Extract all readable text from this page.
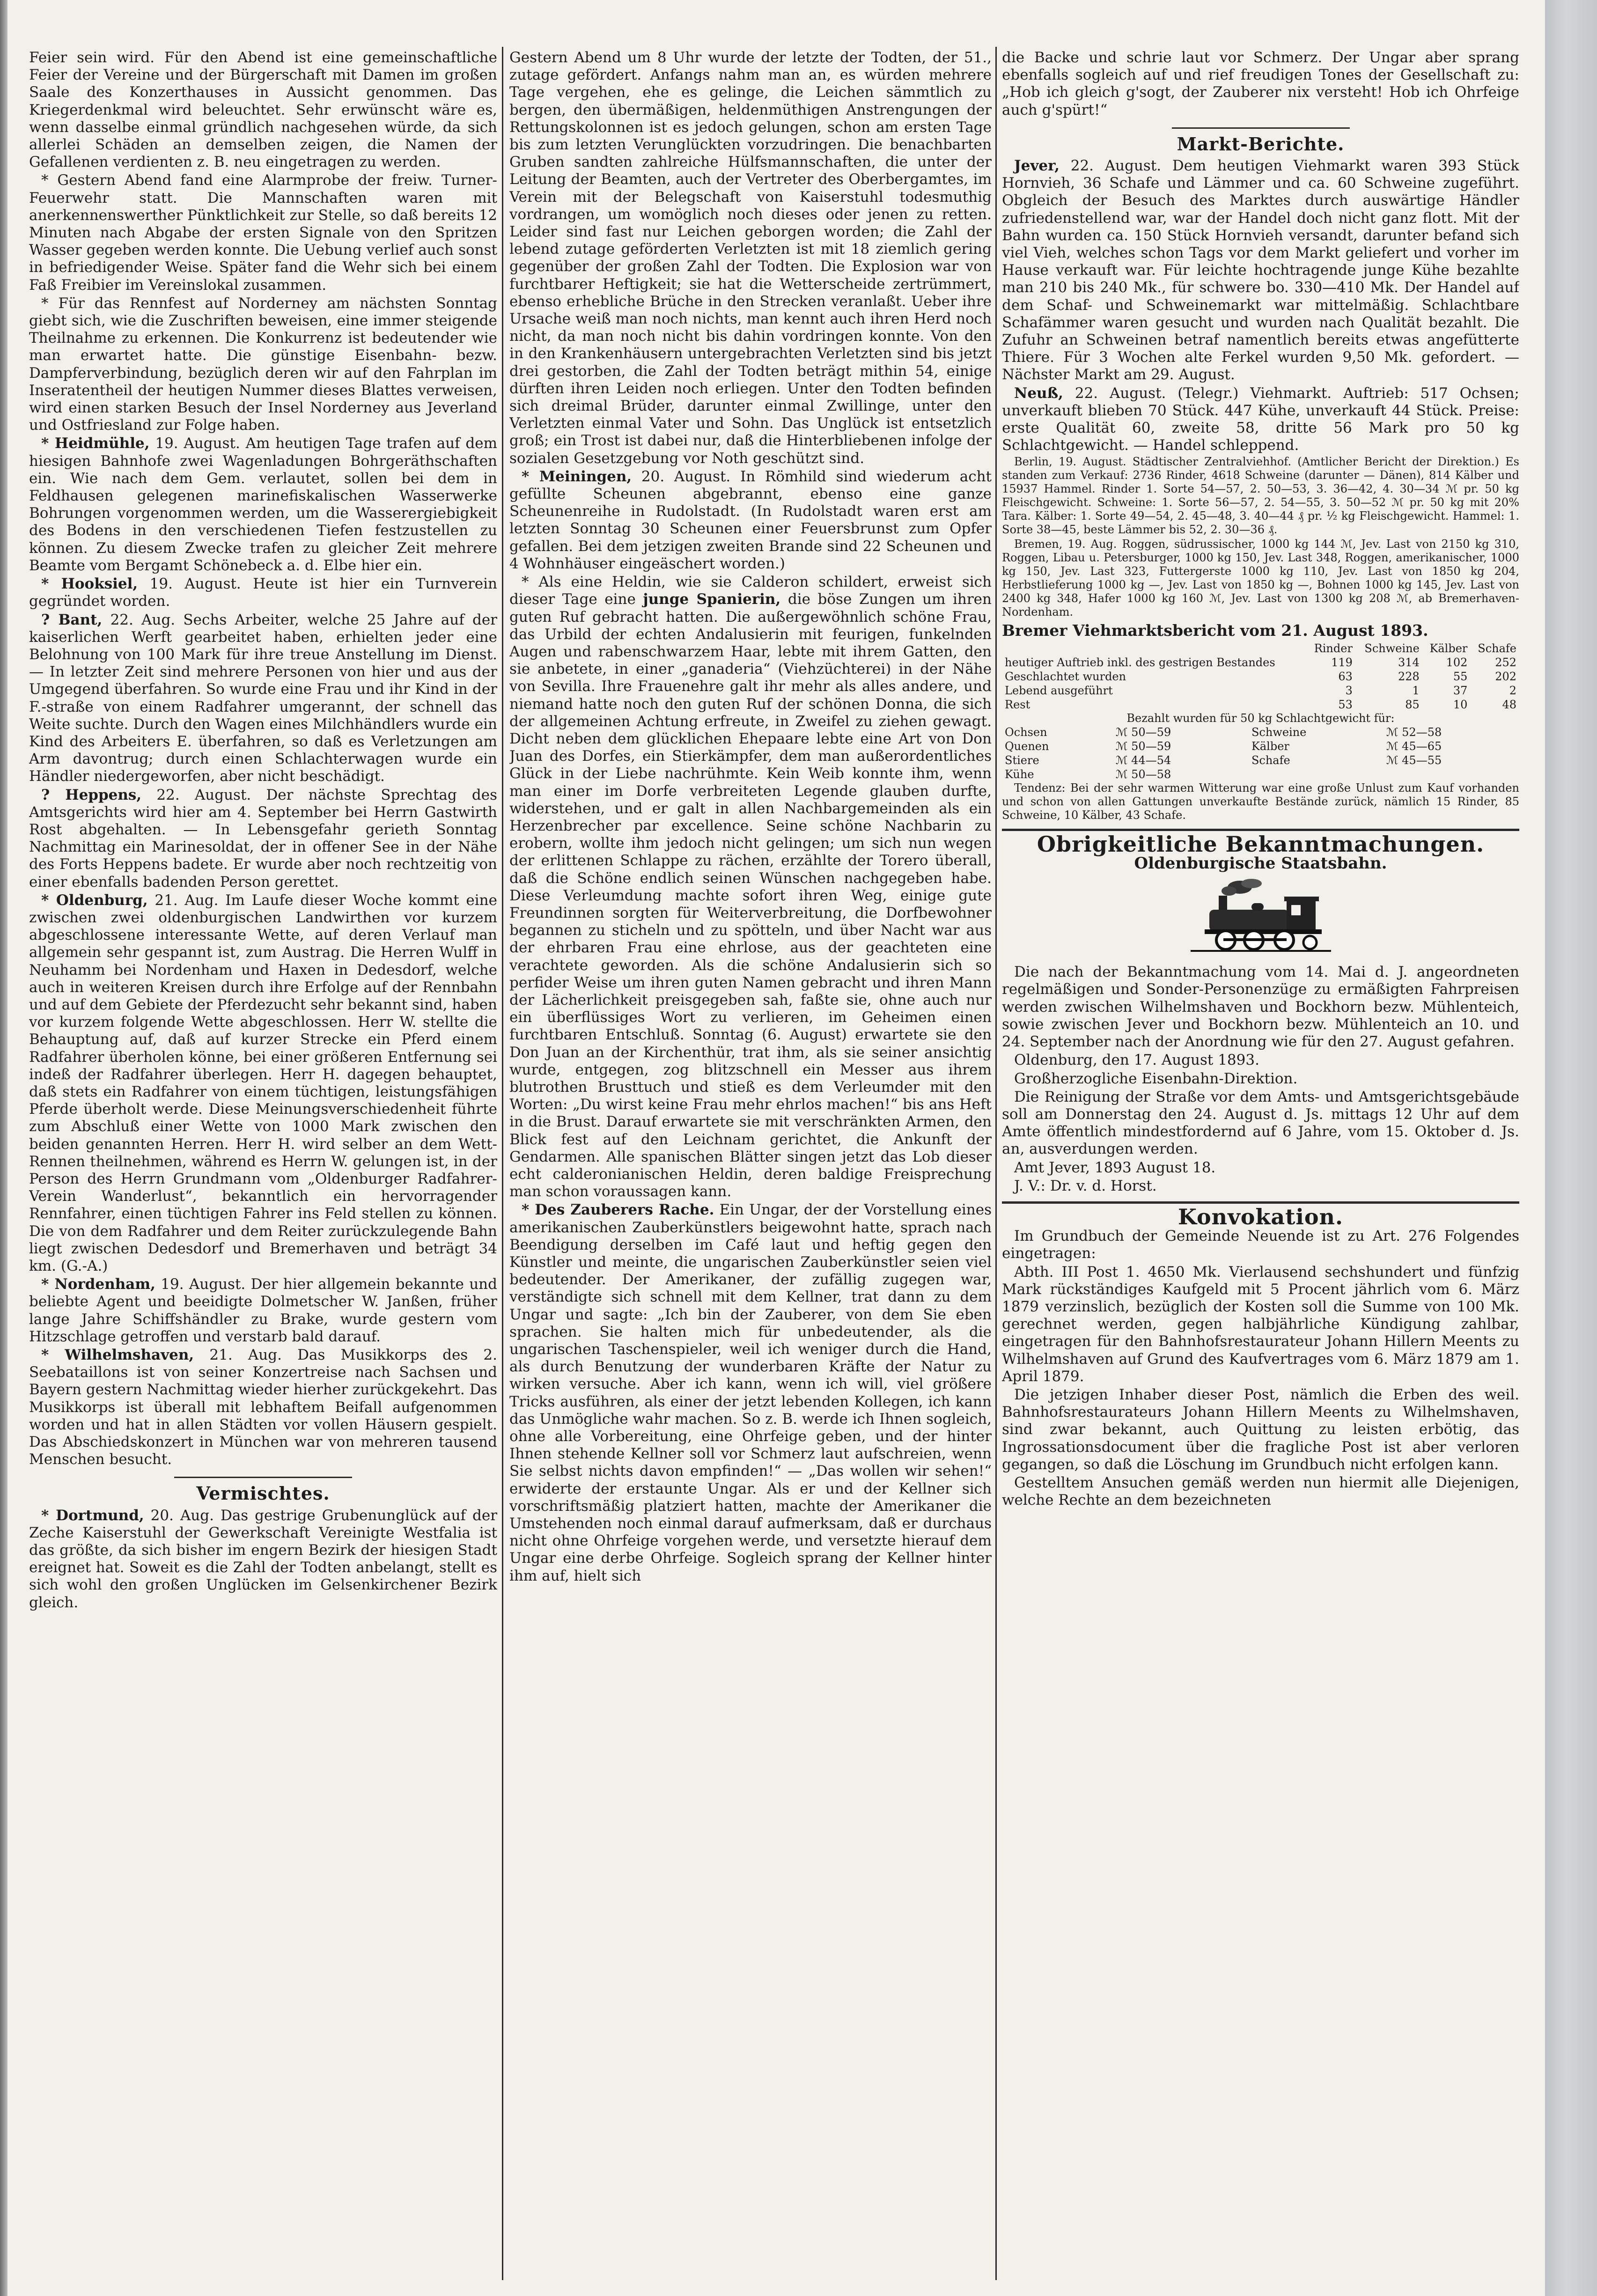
Feier sein wird. Für den Abend ist eine gemeinschaftliche Feier der Vereine und der Bürgerschaft mit Damen im großen Saale des Konzerthauses in Aussicht genommen. Das Kriegerdenkmal wird beleuchtet. Sehr erwünscht wäre es, wenn dasselbe einmal gründlich nachgesehen würde, da sich allerlei Schäden an demselben zeigen, die Namen der Gefallenen verdienten z. B. neu eingetragen zu werden.

* Gestern Abend fand eine Alarmprobe der freiw. Turner-Feuerwehr statt. Die Mannschaften waren mit anerkennenswerther Pünktlichkeit zur Stelle, so daß bereits 12 Minuten nach Abgabe der ersten Signale von den Spritzen Wasser gegeben werden konnte. Die Uebung verlief auch sonst in befriedigender Weise. Später fand die Wehr sich bei einem Faß Freibier im Vereinslokal zusammen.

* Für das Rennfest auf Norderney am nächsten Sonntag giebt sich, wie die Zuschriften beweisen, eine immer steigende Theilnahme zu erkennen. Die Konkurrenz ist bedeutender wie man erwartet hatte. Die günstige Eisenbahn- bezw. Dampferverbindung, bezüglich deren wir auf den Fahrplan im Inseratentheil der heutigen Nummer dieses Blattes verweisen, wird einen starken Besuch der Insel Norderney aus Jeverland und Ostfriesland zur Folge haben.

* Heidmühle, 19. August. Am heutigen Tage trafen auf dem hiesigen Bahnhofe zwei Wagenladungen Bohrgeräthschaften ein. Wie nach dem Gem. verlautet, sollen bei dem in Feldhausen gelegenen marinefiskalischen Wasserwerke Bohrungen vorgenommen werden, um die Wasserergiebigkeit des Bodens in den verschiedenen Tiefen festzustellen zu können. Zu diesem Zwecke trafen zu gleicher Zeit mehrere Beamte vom Bergamt Schönebeck a. d. Elbe hier ein.

* Hooksiel, 19. August. Heute ist hier ein Turnverein gegründet worden.

? Bant, 22. Aug. Sechs Arbeiter, welche 25 Jahre auf der kaiserlichen Werft gearbeitet haben, erhielten jeder eine Belohnung von 100 Mark für ihre treue Anstellung im Dienst. — In letzter Zeit sind mehrere Personen von hier und aus der Umgegend überfahren. So wurde eine Frau und ihr Kind in der F.-straße von einem Radfahrer umgerannt, der schnell das Weite suchte. Durch den Wagen eines Milchhändlers wurde ein Kind des Arbeiters E. überfahren, so daß es Verletzungen am Arm davontrug; durch einen Schlachterwagen wurde ein Händler niedergeworfen, aber nicht beschädigt.

? Heppens, 22. August. Der nächste Sprechtag des Amtsgerichts wird hier am 4. September bei Herrn Gastwirth Rost abgehalten. — In Lebensgefahr gerieth Sonntag Nachmittag ein Marinesoldat, der in offener See in der Nähe des Forts Heppens badete. Er wurde aber noch rechtzeitig von einer ebenfalls badenden Person gerettet.

* Oldenburg, 21. Aug. Im Laufe dieser Woche kommt eine zwischen zwei oldenburgischen Landwirthen vor kurzem abgeschlossene interessante Wette, auf deren Verlauf man allgemein sehr gespannt ist, zum Austrag. Die Herren Wulff in Neuhamm bei Nordenham und Haxen in Dedesdorf, welche auch in weiteren Kreisen durch ihre Erfolge auf der Rennbahn und auf dem Gebiete der Pferdezucht sehr bekannt sind, haben vor kurzem folgende Wette abgeschlossen. Herr W. stellte die Behauptung auf, daß auf kurzer Strecke ein Pferd einem Radfahrer überholen könne, bei einer größeren Entfernung sei indeß der Radfahrer überlegen. Herr H. dagegen behauptet, daß stets ein Radfahrer von einem tüchtigen, leistungsfähigen Pferde überholt werde. Diese Meinungsverschiedenheit führte zum Abschluß einer Wette von 1000 Mark zwischen den beiden genannten Herren. Herr H. wird selber an dem Wett-Rennen theilnehmen, während es Herrn W. gelungen ist, in der Person des Herrn Grundmann vom „Oldenburger Radfahrer-Verein Wanderlust“, bekanntlich ein hervorragender Rennfahrer, einen tüchtigen Fahrer ins Feld stellen zu können. Die von dem Radfahrer und dem Reiter zurückzulegende Bahn liegt zwischen Dedesdorf und Bremerhaven und beträgt 34 km. (G.-A.)

* Nordenham, 19. August. Der hier allgemein bekannte und beliebte Agent und beeidigte Dolmetscher W. Janßen, früher lange Jahre Schiffshändler zu Brake, wurde gestern vom Hitzschlage getroffen und verstarb bald darauf.

* Wilhelmshaven, 21. Aug. Das Musikkorps des 2. Seebataillons ist von seiner Konzertreise nach Sachsen und Bayern gestern Nachmittag wieder hierher zurückgekehrt. Das Musikkorps ist überall mit lebhaftem Beifall aufgenommen worden und hat in allen Städten vor vollen Häusern gespielt. Das Abschiedskonzert in München war von mehreren tausend Menschen besucht.

Vermischtes.

* Dortmund, 20. Aug. Das gestrige Grubenunglück auf der Zeche Kaiserstuhl der Gewerkschaft Vereinigte Westfalia ist das größte, da sich bisher im engern Bezirk der hiesigen Stadt ereignet hat. Soweit es die Zahl der Todten anbelangt, stellt es sich wohl den großen Unglücken im Gelsenkirchener Bezirk gleich.

Gestern Abend um 8 Uhr wurde der letzte der Todten, der 51., zutage gefördert. Anfangs nahm man an, es würden mehrere Tage vergehen, ehe es gelinge, die Leichen sämmtlich zu bergen, den übermäßigen, heldenmüthigen Anstrengungen der Rettungskolonnen ist es jedoch gelungen, schon am ersten Tage bis zum letzten Verunglückten vorzudringen. Die benachbarten Gruben sandten zahlreiche Hülfsmannschaften, die unter der Leitung der Beamten, auch der Vertreter des Oberbergamtes, im Verein mit der Belegschaft von Kaiserstuhl todesmuthig vordrangen, um womöglich noch dieses oder jenen zu retten. Leider sind fast nur Leichen geborgen worden; die Zahl der lebend zutage geförderten Verletzten ist mit 18 ziemlich gering gegenüber der großen Zahl der Todten. Die Explosion war von furchtbarer Heftigkeit; sie hat die Wetterscheide zertrümmert, ebenso erhebliche Brüche in den Strecken veranlaßt. Ueber ihre Ursache weiß man noch nichts, man kennt auch ihren Herd noch nicht, da man noch nicht bis dahin vordringen konnte. Von den in den Krankenhäusern untergebrachten Verletzten sind bis jetzt drei gestorben, die Zahl der Todten beträgt mithin 54, einige dürften ihren Leiden noch erliegen. Unter den Todten befinden sich dreimal Brüder, darunter einmal Zwillinge, unter den Verletzten einmal Vater und Sohn. Das Unglück ist entsetzlich groß; ein Trost ist dabei nur, daß die Hinterbliebenen infolge der sozialen Gesetzgebung vor Noth geschützt sind.

* Meiningen, 20. August. In Römhild sind wiederum acht gefüllte Scheunen abgebrannt, ebenso eine ganze Scheunenreihe in Rudolstadt. (In Rudolstadt waren erst am letzten Sonntag 30 Scheunen einer Feuersbrunst zum Opfer gefallen. Bei dem jetzigen zweiten Brande sind 22 Scheunen und 4 Wohnhäuser eingeäschert worden.)

* Als eine Heldin, wie sie Calderon schildert, erweist sich dieser Tage eine junge Spanierin, die böse Zungen um ihren guten Ruf gebracht hatten. Die außergewöhnlich schöne Frau, das Urbild der echten Andalusierin mit feurigen, funkelnden Augen und rabenschwarzem Haar, lebte mit ihrem Gatten, den sie anbetete, in einer „ganaderia“ (Viehzüchterei) in der Nähe von Sevilla. Ihre Frauenehre galt ihr mehr als alles andere, und niemand hatte noch den guten Ruf der schönen Donna, die sich der allgemeinen Achtung erfreute, in Zweifel zu ziehen gewagt. Dicht neben dem glücklichen Ehepaare lebte eine Art von Don Juan des Dorfes, ein Stierkämpfer, dem man außerordentliches Glück in der Liebe nachrühmte. Kein Weib konnte ihm, wenn man einer im Dorfe verbreiteten Legende glauben durfte, widerstehen, und er galt in allen Nachbargemeinden als ein Herzenbrecher par excellence. Seine schöne Nachbarin zu erobern, wollte ihm jedoch nicht gelingen; um sich nun wegen der erlittenen Schlappe zu rächen, erzählte der Torero überall, daß die Schöne endlich seinen Wünschen nachgegeben habe. Diese Verleumdung machte sofort ihren Weg, einige gute Freundinnen sorgten für Weiterverbreitung, die Dorfbewohner begannen zu sticheln und zu spötteln, und über Nacht war aus der ehrbaren Frau eine ehrlose, aus der geachteten eine verachtete geworden. Als die schöne Andalusierin sich so perfider Weise um ihren guten Namen gebracht und ihren Mann der Lächerlichkeit preisgegeben sah, faßte sie, ohne auch nur ein überflüssiges Wort zu verlieren, im Geheimen einen furchtbaren Entschluß. Sonntag (6. August) erwartete sie den Don Juan an der Kirchenthür, trat ihm, als sie seiner ansichtig wurde, entgegen, zog blitzschnell ein Messer aus ihrem blutrothen Brusttuch und stieß es dem Verleumder mit den Worten: „Du wirst keine Frau mehr ehrlos machen!“ bis ans Heft in die Brust. Darauf erwartete sie mit verschränkten Armen, den Blick fest auf den Leichnam gerichtet, die Ankunft der Gendarmen. Alle spanischen Blätter singen jetzt das Lob dieser echt calderonianischen Heldin, deren baldige Freisprechung man schon voraussagen kann.

* Des Zauberers Rache. Ein Ungar, der der Vorstellung eines amerikanischen Zauberkünstlers beigewohnt hatte, sprach nach Beendigung derselben im Café laut und heftig gegen den Künstler und meinte, die ungarischen Zauberkünstler seien viel bedeutender. Der Amerikaner, der zufällig zugegen war, verständigte sich schnell mit dem Kellner, trat dann zu dem Ungar und sagte: „Ich bin der Zauberer, von dem Sie eben sprachen. Sie halten mich für unbedeutender, als die ungarischen Taschenspieler, weil ich weniger durch die Hand, als durch Benutzung der wunderbaren Kräfte der Natur zu wirken versuche. Aber ich kann, wenn ich will, viel größere Tricks ausführen, als einer der jetzt lebenden Kollegen, ich kann das Unmögliche wahr machen. So z. B. werde ich Ihnen sogleich, ohne alle Vorbereitung, eine Ohrfeige geben, und der hinter Ihnen stehende Kellner soll vor Schmerz laut aufschreien, wenn Sie selbst nichts davon empfinden!“ — „Das wollen wir sehen!“ erwiderte der erstaunte Ungar. Als er und der Kellner sich vorschriftsmäßig platziert hatten, machte der Amerikaner die Umstehenden noch einmal darauf aufmerksam, daß er durchaus nicht ohne Ohrfeige vorgehen werde, und versetzte hierauf dem Ungar eine derbe Ohrfeige. Sogleich sprang der Kellner hinter ihm auf, hielt sich

die Backe und schrie laut vor Schmerz. Der Ungar aber sprang ebenfalls sogleich auf und rief freudigen Tones der Gesellschaft zu: „Hob ich gleich g'sogt, der Zauberer nix versteht! Hob ich Ohrfeige auch g'spürt!“

Markt-Berichte.

Jever, 22. August. Dem heutigen Viehmarkt waren 393 Stück Hornvieh, 36 Schafe und Lämmer und ca. 60 Schweine zugeführt. Obgleich der Besuch des Marktes durch auswärtige Händler zufriedenstellend war, war der Handel doch nicht ganz flott. Mit der Bahn wurden ca. 150 Stück Hornvieh versandt, darunter befand sich viel Vieh, welches schon Tags vor dem Markt geliefert und vorher im Hause verkauft war. Für leichte hochtragende junge Kühe bezahlte man 210 bis 240 Mk., für schwere bo. 330—410 Mk. Der Handel auf dem Schaf- und Schweinemarkt war mittelmäßig. Schlachtbare Schafämmer waren gesucht und wurden nach Qualität bezahlt. Die Zufuhr an Schweinen betraf namentlich bereits etwas angefütterte Thiere. Für 3 Wochen alte Ferkel wurden 9,50 Mk. gefordert. — Nächster Markt am 29. August.

Neuß, 22. August. (Telegr.) Viehmarkt. Auftrieb: 517 Ochsen; unverkauft blieben 70 Stück. 447 Kühe, unverkauft 44 Stück. Preise: erste Qualität 60, zweite 58, dritte 56 Mark pro 50 kg Schlachtgewicht. — Handel schleppend.

Berlin, 19. August. Städtischer Zentralviehhof. (Amtlicher Bericht der Direktion.) Es standen zum Verkauf: 2736 Rinder, 4618 Schweine (darunter — Dänen), 814 Kälber und 15937 Hammel. Rinder 1. Sorte 54—57, 2. 50—53, 3. 36—42, 4. 30—34 ℳ pr. 50 kg Fleischgewicht. Schweine: 1. Sorte 56—57, 2. 54—55, 3. 50—52 ℳ pr. 50 kg mit 20% Tara. Kälber: 1. Sorte 49—54, 2. 45—48, 3. 40—44 ₰ pr. ½ kg Fleischgewicht. Hammel: 1. Sorte 38—45, beste Lämmer bis 52, 2. 30—36 ₰.

Bremen, 19. Aug. Roggen, südrussischer, 1000 kg 144 ℳ, Jev. Last von 2150 kg 310, Roggen, Libau u. Petersburger, 1000 kg 150, Jev. Last 348, Roggen, amerikanischer, 1000 kg 150, Jev. Last 323, Futtergerste 1000 kg 110, Jev. Last von 1850 kg 204, Herbstlieferung 1000 kg —, Jev. Last von 1850 kg —, Bohnen 1000 kg 145, Jev. Last von 2400 kg 348, Hafer 1000 kg 160 ℳ, Jev. Last von 1300 kg 208 ℳ, ab Bremerhaven-Nordenham.

Bremer Viehmarktsbericht vom 21. August 1893.
	Rinder	Schweine	Kälber	Schafe
heutiger Auftrieb inkl. des gestrigen Bestandes	119	314	102	252
Geschlachtet wurden	63	228	55	202
Lebend ausgeführt	3	1	37	2
Rest	53	85	10	48
Bezahlt wurden für 50 kg Schlachtgewicht für:
Ochsen	ℳ 50—59	Schweine	ℳ 52—58
Quenen	ℳ 50—59	Kälber	ℳ 45—65
Stiere	ℳ 44—54	Schafe	ℳ 45—55
Kühe	ℳ 50—58		

Tendenz: Bei der sehr warmen Witterung war eine große Unlust zum Kauf vorhanden und schon von allen Gattungen unverkaufte Bestände zurück, nämlich 15 Rinder, 85 Schweine, 10 Kälber, 43 Schafe.

Obrigkeitliche Bekanntmachungen.
Oldenburgische Staatsbahn.

Die nach der Bekanntmachung vom 14. Mai d. J. angeordneten regelmäßigen und Sonder-Personenzüge zu ermäßigten Fahrpreisen werden zwischen Wilhelmshaven und Bockhorn bezw. Mühlenteich, sowie zwischen Jever und Bockhorn bezw. Mühlenteich an 10. und 24. September nach der Anordnung wie für den 27. August gefahren.

Oldenburg, den 17. August 1893.

Großherzogliche Eisenbahn-Direktion.

Die Reinigung der Straße vor dem Amts- und Amtsgerichtsgebäude soll am Donnerstag den 24. August d. Js. mittags 12 Uhr auf dem Amte öffentlich mindestfordernd auf 6 Jahre, vom 15. Oktober d. Js. an, ausverdungen werden.

Amt Jever, 1893 August 18.

J. V.: Dr. v. d. Horst.

Konvokation.

Im Grundbuch der Gemeinde Neuende ist zu Art. 276 Folgendes eingetragen:

Abth. III Post 1. 4650 Mk. Vierlausend sechshundert und fünfzig Mark rückständiges Kaufgeld mit 5 Procent jährlich vom 6. März 1879 verzinslich, bezüglich der Kosten soll die Summe von 100 Mk. gerechnet werden, gegen halbjährliche Kündigung zahlbar, eingetragen für den Bahnhofsrestaurateur Johann Hillern Meents zu Wilhelmshaven auf Grund des Kaufvertrages vom 6. März 1879 am 1. April 1879.

Die jetzigen Inhaber dieser Post, nämlich die Erben des weil. Bahnhofsrestaurateurs Johann Hillern Meents zu Wilhelmshaven, sind zwar bekannt, auch Quittung zu leisten erbötig, das Ingrossationsdocument über die fragliche Post ist aber verloren gegangen, so daß die Löschung im Grundbuch nicht erfolgen kann.

Gestelltem Ansuchen gemäß werden nun hiermit alle Diejenigen, welche Rechte an dem bezeichneten
